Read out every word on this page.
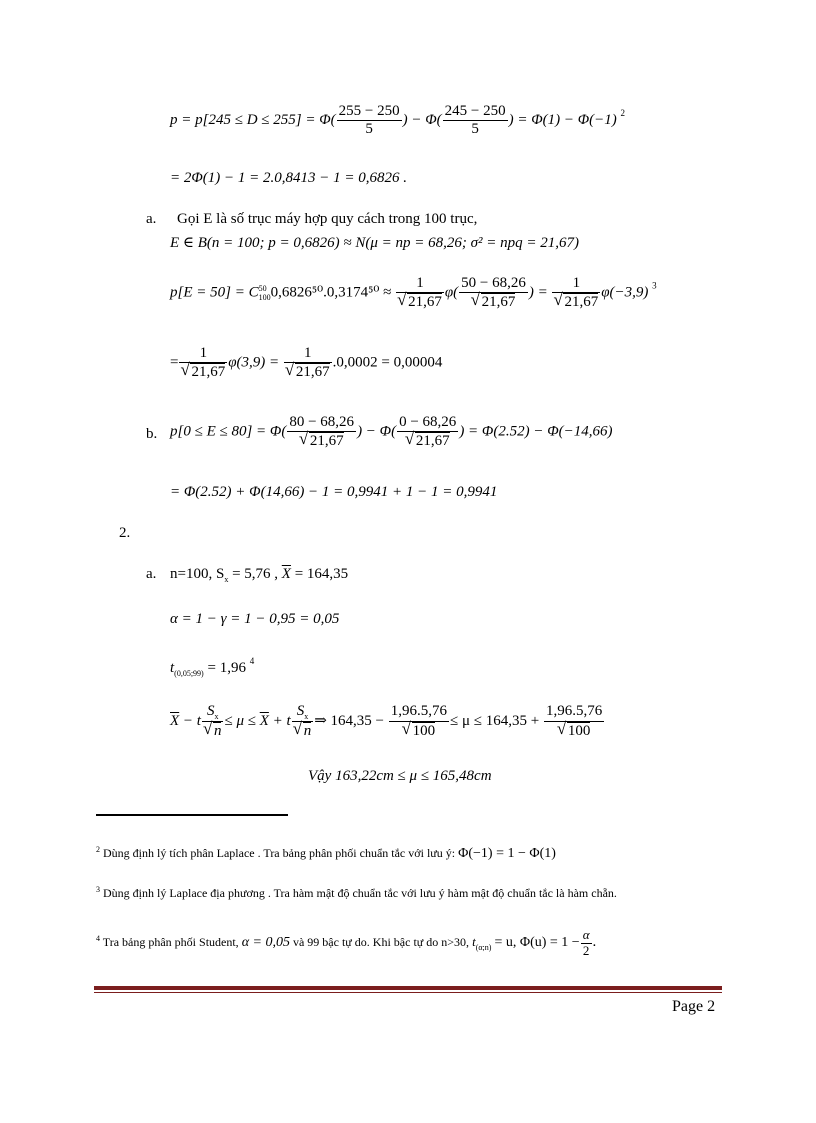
$p = p[245 \le D \le 255] = \Phi( \frac{255 - 250}{5}$ ) − $\Phi( \frac{245 - 250}{5}$ ) = Φ(1) − Φ(−1) $^2$
= 2Φ(1) − 1 = 2.0,8413 − 1 = 0,6826 .
a. Gọi E là số trục máy hợp quy cách trong 100 trục,
E ∈ B(n = 100; p = 0,6826) ≈ N(μ = np = 68,26; σ² = npq = 21,67)
p[E = 50] = C 50
100 0,6826⁵⁰.0,3174⁵⁰ ≈ 1
√ 21,67 φ( 50 − 68,26
√ 21,67 ) = 1
√ 21,67 φ(−3,9) $^3$
= 1
√ 21,67 φ(3,9) = 1
√ 21,67 .0,0002 = 0,00004
b. p[0 ≤ E ≤ 80] = Φ( 80 − 68,26
√ 21,67 ) − Φ( 0 − 68,26
√ 21,67 ) = Φ(2.52) − Φ(−14,66)
= Φ(2.52) + Φ(14,66) − 1 = 0,9941 + 1 − 1 = 0,9941
2.
a. n=100, $S_x = 5,76$ , $\overline{X} = 164,35$
α = 1 − γ = 1 − 0,95 = 0,05
$t_{(0,05;99)} = 1,96$ $^4$
$\overline{X} - t$ $S_x$
√ $n \le \mu \le \overline{X} + t$ $S_x$
√ n ⇒ 164,35 − 1,96.5,76
√ 100 ≤ μ ≤ 164,35 + 1,96.5,76
√ 100
Vậy 163,22cm ≤ μ ≤ 165,48cm
$^2$ Dùng định lý tích phân Laplace . Tra bảng phân phối chuẩn tắc với lưu ý: Φ(−1) = 1 − Φ(1)
$^3$ Dùng định lý Laplace địa phương . Tra hàm mật độ chuẩn tắc với lưu ý hàm mật độ chuẩn tắc là hàm chẵn.
$^4$ Tra bảng phân phối Student, α = 0,05 và 99 bậc tự do. Khi bậc tự do n>30, $t_{(\alpha;n)} = u$, $\Phi(u) = 1 - \frac{\alpha}{2}$ .
Page 2
